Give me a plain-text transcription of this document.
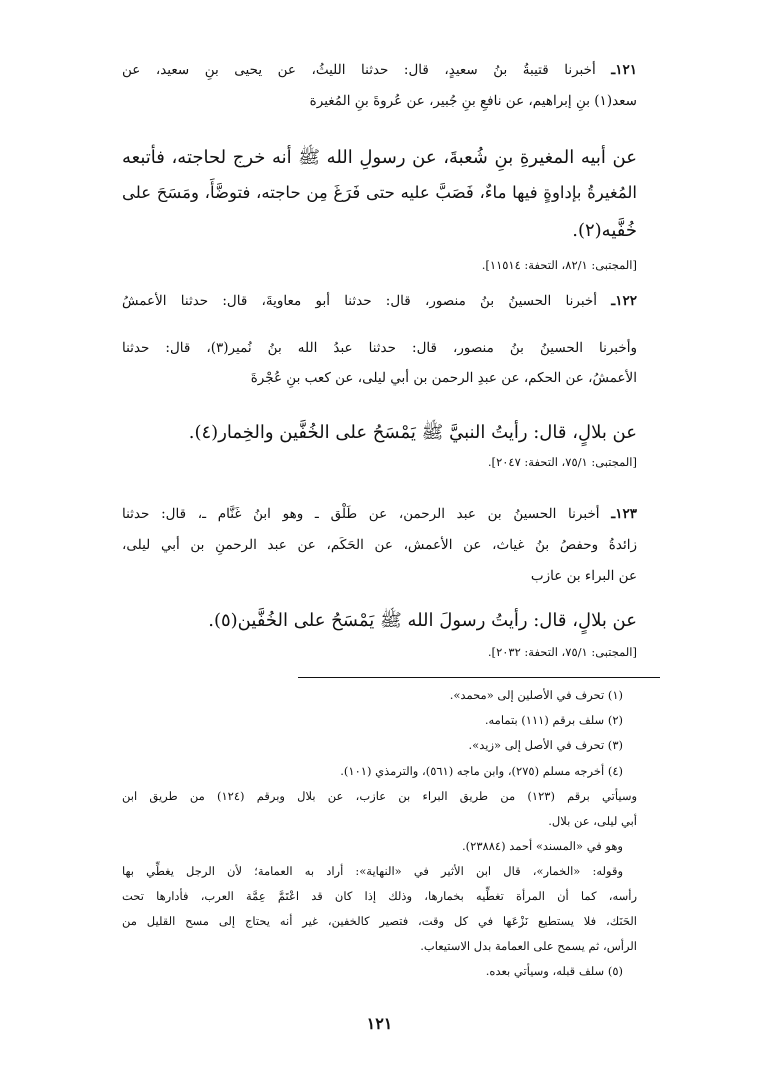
١٢١ـ أخبرنا قتيبةُ بنُ سعيدٍ، قال: حدثنا الليثُ، عن يحيى بنِ سعيد، عن
سعد(١) بنِ إبراهيم، عن نافعِ بنِ جُبير، عن عُروةَ بنِ المُغيرة
عن أبيه المغيرةِ بنِ شُعبةَ، عن رسولِ الله ﷺ أنه خرج لحاجته، فأتبعه
المُغيرةُ بإداوةٍ فيها ماءٌ، فَصَبَّ عليه حتى فَرَغَ مِن حاجته، فتوضَّأَ، ومَسَحَ على
خُفَّيه(٢).
[المجتبى: ٨٢/١، التحفة: ١١٥١٤].
١٢٢ـ أخبرنا الحسينُ بنُ منصور، قال: حدثنا أبو معاويةَ، قال: حدثنا الأعمشُ
وأخبرنا الحسينُ بنُ منصور، قال: حدثنا عبدُ الله بنُ نُمير(٣)، قال: حدثنا
الأعمشُ، عن الحكم، عن عبدِ الرحمن بن أبي ليلى، عن كعب بنِ عُجْرةَ
عن بلالٍ، قال: رأيتُ النبيَّ ﷺ يَمْسَحُ على الخُفَّين والخِمار(٤).
[المجتبى: ٧٥/١، التحفة: ٢٠٤٧].
١٢٣ـ أخبرنا الحسينُ بن عبد الرحمن، عن طَلْق ـ وهو ابنُ غَنَّام ـ، قال: حدثنا
زائدةُ وحفصُ بنُ غياث، عن الأعمش، عن الحَكَم، عن عبد الرحمنِ بن أبي ليلى،
عن البراء بن عازب
عن بلالٍ، قال: رأيتُ رسولَ الله ﷺ يَمْسَحُ على الخُفَّين(٥).
[المجتبى: ٧٥/١، التحفة: ٢٠٣٢].
(١) تحرف في الأصلين إلى «محمد».
(٢) سلف برقم (١١١) بتمامه.
(٣) تحرف في الأصل إلى «زيد».
(٤) أخرجه مسلم (٢٧٥)، وابن ماجه (٥٦١)، والترمذي (١٠١).
وسيأتي برقم (١٢٣) من طريق البراء بن عازب، عن بلال وبرقم (١٢٤) من طريق ابن
أبي ليلى، عن بلال.
وهو في «المسند» أحمد (٢٣٨٨٤).
وقوله: «الخمار»، قال ابن الأثير في «النهاية»: أراد به العمامة؛ لأن الرجل يغطِّي بها
رأسه، كما أن المرأة تغطِّيه بخمارها، وذلك إذا كان قد اعْتَمَّ عِمَّة العرب، فأدارها تحت
الحَنَك، فلا يستطيع نَزْعَها في كل وقت، فتصير كالخفين، غير أنه يحتاج إلى مسح القليل من
الرأس، ثم يسمح على العمامة بدل الاستيعاب.
(٥) سلف قبله، وسيأتي بعده.
١٢١
